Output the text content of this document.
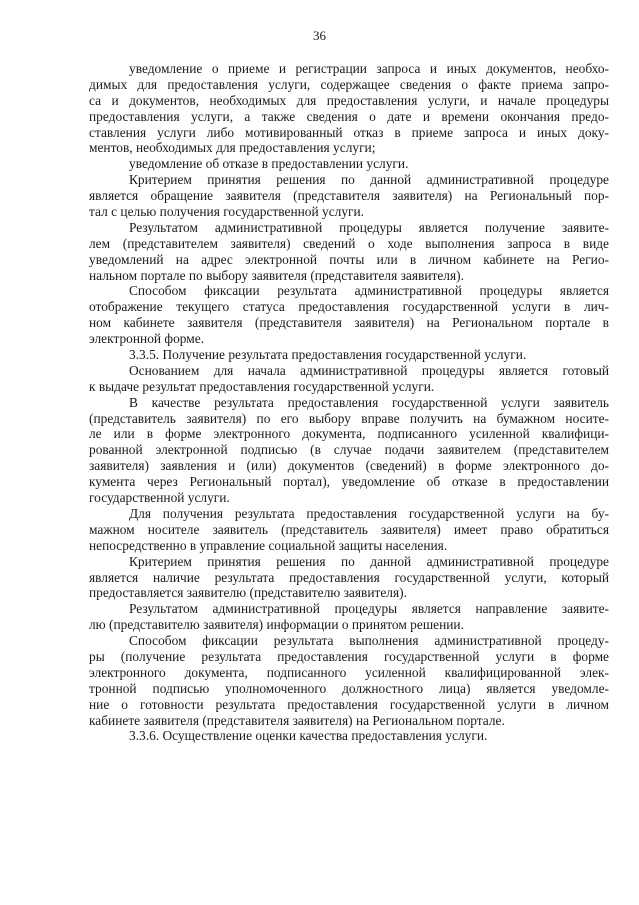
36
уведомление о приеме и регистрации запроса и иных документов, необхо-
димых для предоставления услуги, содержащее сведения о факте приема запро-
са и документов, необходимых для предоставления услуги, и начале процедуры
предоставления услуги, а также сведения о дате и времени окончания предо-
ставления услуги либо мотивированный отказ в приеме запроса и иных доку-
ментов, необходимых для предоставления услуги;
уведомление об отказе в предоставлении услуги.
Критерием принятия решения по данной административной процедуре
является обращение заявителя (представителя заявителя) на Региональный пор-
тал с целью получения государственной услуги.
Результатом административной процедуры является получение заявите-
лем (представителем заявителя) сведений о ходе выполнения запроса в виде
уведомлений на адрес электронной почты или в личном кабинете на Регио-
нальном портале по выбору заявителя (представителя заявителя).
Способом фиксации результата административной процедуры является
отображение текущего статуса предоставления государственной услуги в лич-
ном кабинете заявителя (представителя заявителя) на Региональном портале в
электронной форме.
3.3.5. Получение результата предоставления государственной услуги.
Основанием для начала административной процедуры является готовый
к выдаче результат предоставления государственной услуги.
В качестве результата предоставления государственной услуги заявитель
(представитель заявителя) по его выбору вправе получить на бумажном носите-
ле или в форме электронного документа, подписанного усиленной квалифици-
рованной электронной подписью (в случае подачи заявителем (представителем
заявителя) заявления и (или) документов (сведений) в форме электронного до-
кумента через Региональный портал), уведомление об отказе в предоставлении
государственной услуги.
Для получения результата предоставления государственной услуги на бу-
мажном носителе заявитель (представитель заявителя) имеет право обратиться
непосредственно в управление социальной защиты населения.
Критерием принятия решения по данной административной процедуре
является наличие результата предоставления государственной услуги, который
предоставляется заявителю (представителю заявителя).
Результатом административной процедуры является направление заявите-
лю (представителю заявителя) информации о принятом решении.
Способом фиксации результата выполнения административной процеду-
ры (получение результата предоставления государственной услуги в форме
электронного документа, подписанного усиленной квалифицированной элек-
тронной подписью уполномоченного должностного лица) является уведомле-
ние о готовности результата предоставления государственной услуги в личном
кабинете заявителя (представителя заявителя) на Региональном портале.
3.3.6. Осуществление оценки качества предоставления услуги.
